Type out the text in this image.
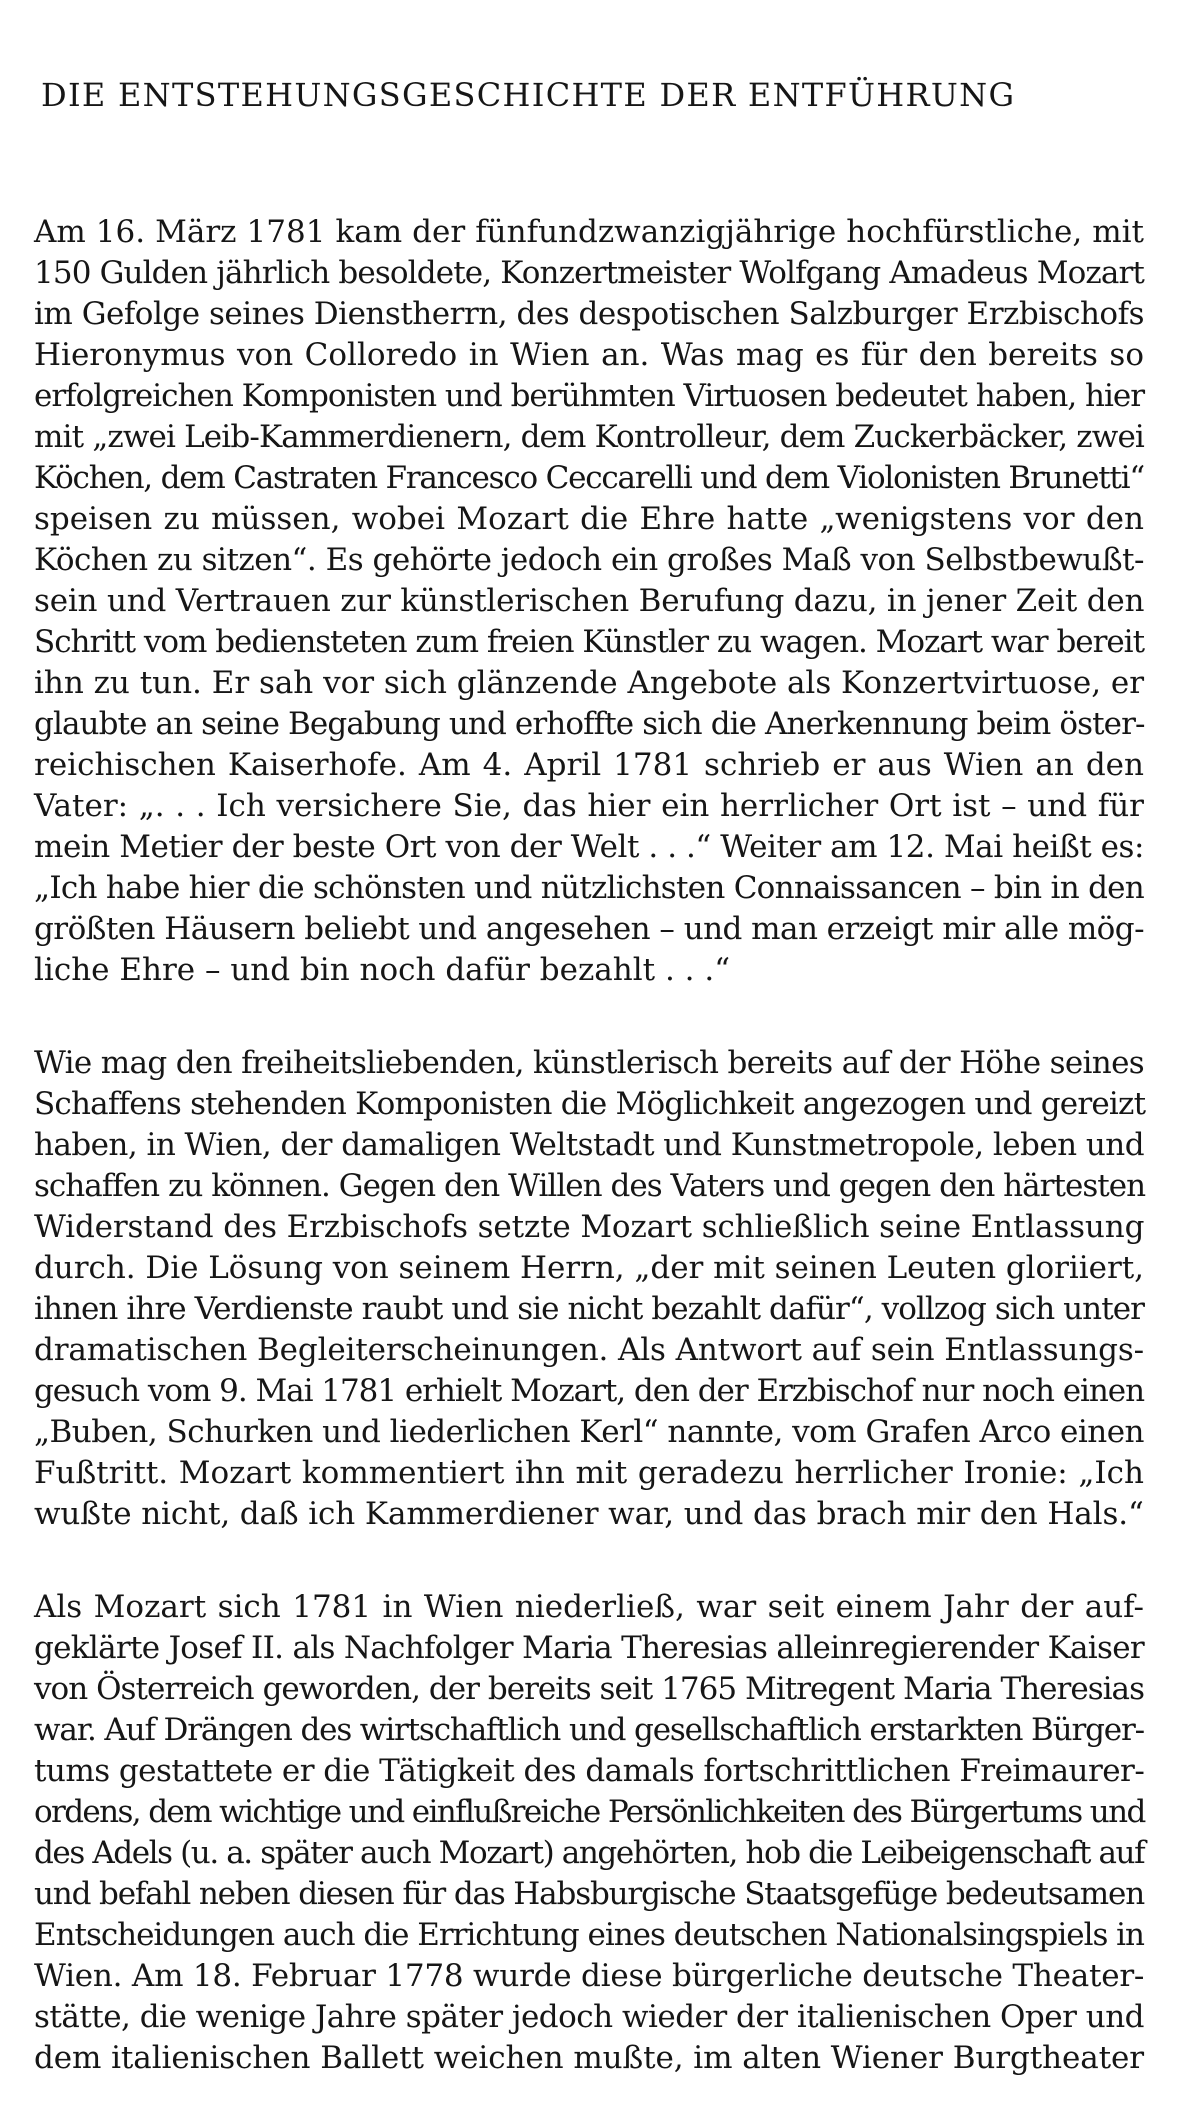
DIE ENTSTEHUNGSGESCHICHTE DER ENTFÜHRUNG
Am 16. März 1781 kam der fünfundzwanzigjährige hochfürstliche, mit
150 Gulden jährlich besoldete, Konzertmeister Wolfgang Amadeus Mozart
im Gefolge seines Dienstherrn, des despotischen Salzburger Erzbischofs
Hieronymus von Colloredo in Wien an. Was mag es für den bereits so
erfolgreichen Komponisten und berühmten Virtuosen bedeutet haben, hier
mit „zwei Leib-Kammerdienern, dem Kontrolleur, dem Zuckerbäcker, zwei
Köchen, dem Castraten Francesco Ceccarelli und dem Violonisten Brunetti“
speisen zu müssen, wobei Mozart die Ehre hatte „wenigstens vor den
Köchen zu sitzen“. Es gehörte jedoch ein großes Maß von Selbstbewußt-
sein und Vertrauen zur künstlerischen Berufung dazu, in jener Zeit den
Schritt vom bediensteten zum freien Künstler zu wagen. Mozart war bereit
ihn zu tun. Er sah vor sich glänzende Angebote als Konzertvirtuose, er
glaubte an seine Begabung und erhoffte sich die Anerkennung beim öster-
reichischen Kaiserhofe. Am 4. April 1781 schrieb er aus Wien an den
Vater: „. . . Ich versichere Sie, das hier ein herrlicher Ort ist – und für
mein Metier der beste Ort von der Welt . . .“ Weiter am 12. Mai heißt es:
„Ich habe hier die schönsten und nützlichsten Connaissancen – bin in den
größten Häusern beliebt und angesehen – und man erzeigt mir alle mög-
liche Ehre – und bin noch dafür bezahlt . . .“
Wie mag den freiheitsliebenden, künstlerisch bereits auf der Höhe seines
Schaffens stehenden Komponisten die Möglichkeit angezogen und gereizt
haben, in Wien, der damaligen Weltstadt und Kunstmetropole, leben und
schaffen zu können. Gegen den Willen des Vaters und gegen den härtesten
Widerstand des Erzbischofs setzte Mozart schließlich seine Entlassung
durch. Die Lösung von seinem Herrn, „der mit seinen Leuten gloriiert,
ihnen ihre Verdienste raubt und sie nicht bezahlt dafür“, vollzog sich unter
dramatischen Begleiterscheinungen. Als Antwort auf sein Entlassungs-
gesuch vom 9. Mai 1781 erhielt Mozart, den der Erzbischof nur noch einen
„Buben, Schurken und liederlichen Kerl“ nannte, vom Grafen Arco einen
Fußtritt. Mozart kommentiert ihn mit geradezu herrlicher Ironie: „Ich
wußte nicht, daß ich Kammerdiener war, und das brach mir den Hals.“
Als Mozart sich 1781 in Wien niederließ, war seit einem Jahr der auf-
geklärte Josef II. als Nachfolger Maria Theresias alleinregierender Kaiser
von Österreich geworden, der bereits seit 1765 Mitregent Maria Theresias
war. Auf Drängen des wirtschaftlich und gesellschaftlich erstarkten Bürger-
tums gestattete er die Tätigkeit des damals fortschrittlichen Freimaurer-
ordens, dem wichtige und einflußreiche Persönlichkeiten des Bürgertums und
des Adels (u. a. später auch Mozart) angehörten, hob die Leibeigenschaft auf
und befahl neben diesen für das Habsburgische Staatsgefüge bedeutsamen
Entscheidungen auch die Errichtung eines deutschen Nationalsingspiels in
Wien. Am 18. Februar 1778 wurde diese bürgerliche deutsche Theater-
stätte, die wenige Jahre später jedoch wieder der italienischen Oper und
dem italienischen Ballett weichen mußte, im alten Wiener Burgtheater
